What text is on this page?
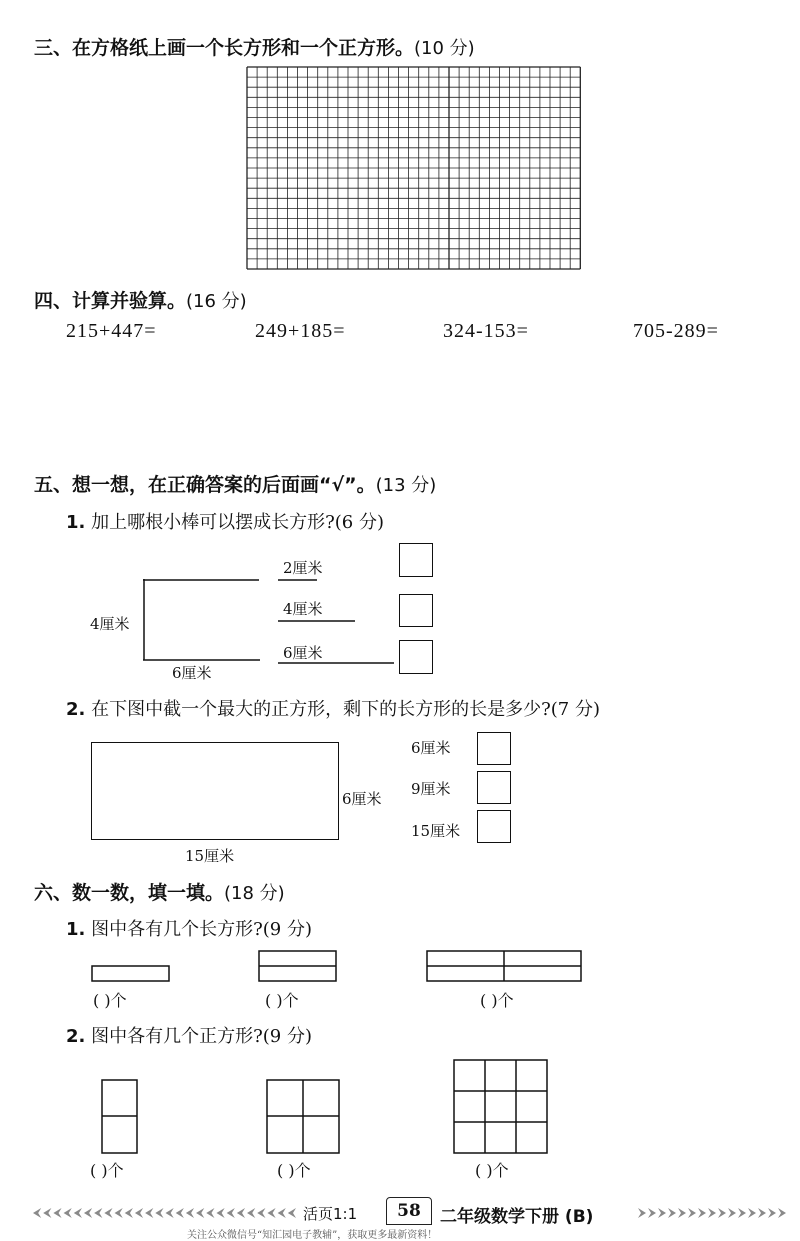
三、在方格纸上画一个长方形和一个正方形。(10 分)
四、计算并验算。(16 分)
215+447=	249+185=	324-153=	705-289=
五、想一想，在正确答案的后面画“√”。(13 分)
1. 加上哪根小棒可以摆成长方形?(6 分)
4厘米
6厘米
2厘米
4厘米
6厘米
2. 在下图中截一个最大的正方形，剩下的长方形的长是多少?(7 分)
6厘米
15厘米
6厘米
9厘米
15厘米
六、数一数，填一填。(18 分)
1. 图中各有几个长方形?(9 分)
( )个	( )个	( )个
2. 图中各有几个正方形?(9 分)
( )个	( )个	( )个
活页1:1	58	二年级数学下册 (B)
关注公众微信号“知汇园电子教辅”，获取更多最新资料！
